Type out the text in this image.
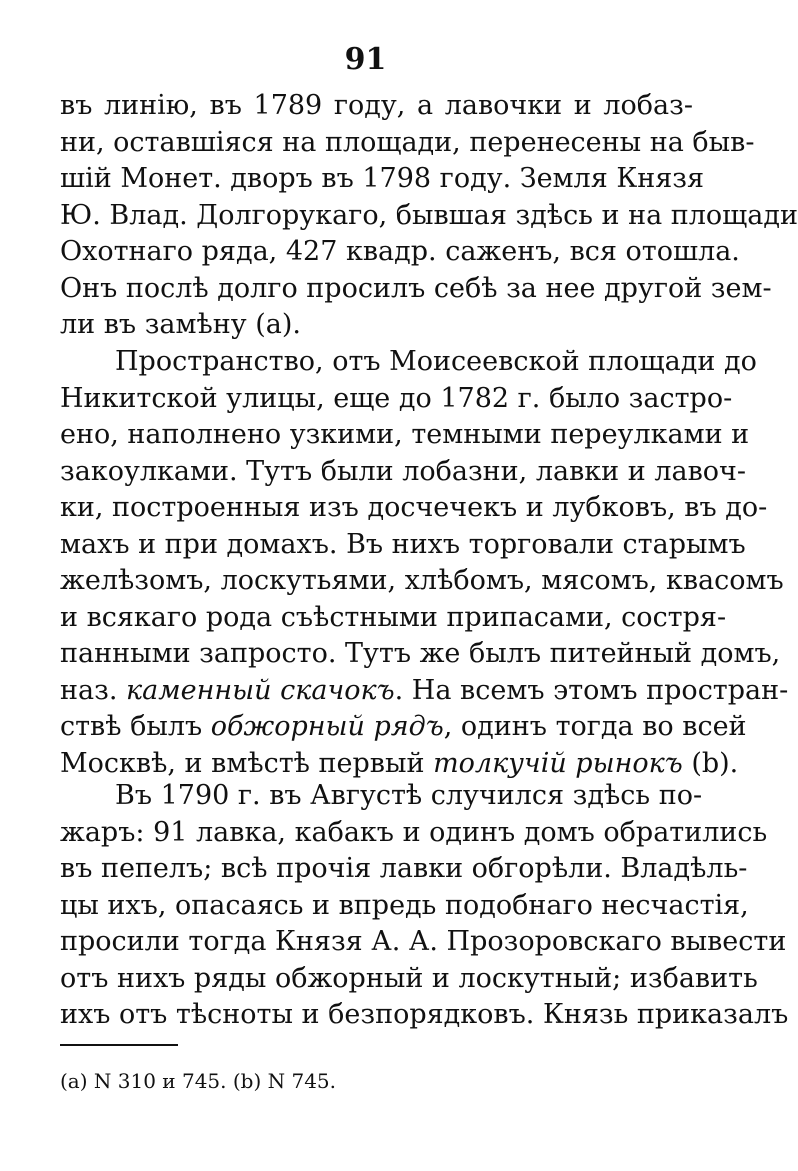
91
въ линію, въ 1789 году, а лавочки и лобаз-
ни, оставшіяся на площади, перенесены на быв-
шій Монет. дворъ въ 1798 году. Земля Князя
Ю. Влад. Долгорукаго, бывшая здѣсь и на площади
Охотнаго ряда, 427 квадр. саженъ, вся отошла.
Онъ послѣ долго просилъ себѣ за нее другой зем-
ли въ замѣну (а).
Пространство, отъ Моисеевской площади до
Никитской улицы, еще до 1782 г. было застро-
ено, наполнено узкими, темными переулками и
закоулками. Тутъ были лобазни, лавки и лавоч-
ки, построенныя изъ досчечекъ и лубковъ, въ до-
махъ и при домахъ. Въ нихъ торговали старымъ
желѣзомъ, лоскутьями, хлѣбомъ, мясомъ, квасомъ
и всякаго рода съѣстными припасами, состря-
панными запросто. Тутъ же былъ питейный домъ,
наз. каменный скачокъ. На всемъ этомъ простран-
ствѣ былъ обжорный рядъ, одинъ тогда во всей
Москвѣ, и вмѣстѣ первый толкучій рынокъ (b).
Въ 1790 г. въ Августѣ случился здѣсь по-
жаръ: 91 лавка, кабакъ и одинъ домъ обратились
въ пепелъ; всѣ прочія лавки обгорѣли. Владѣль-
цы ихъ, опасаясь и впредь подобнаго несчастія,
просили тогда Князя А. А. Прозоровскаго вывести
отъ нихъ ряды обжорный и лоскутный; избавить
ихъ отъ тѣсноты и безпорядковъ. Князь приказалъ
(a) N 310 и 745. (b) N 745.
